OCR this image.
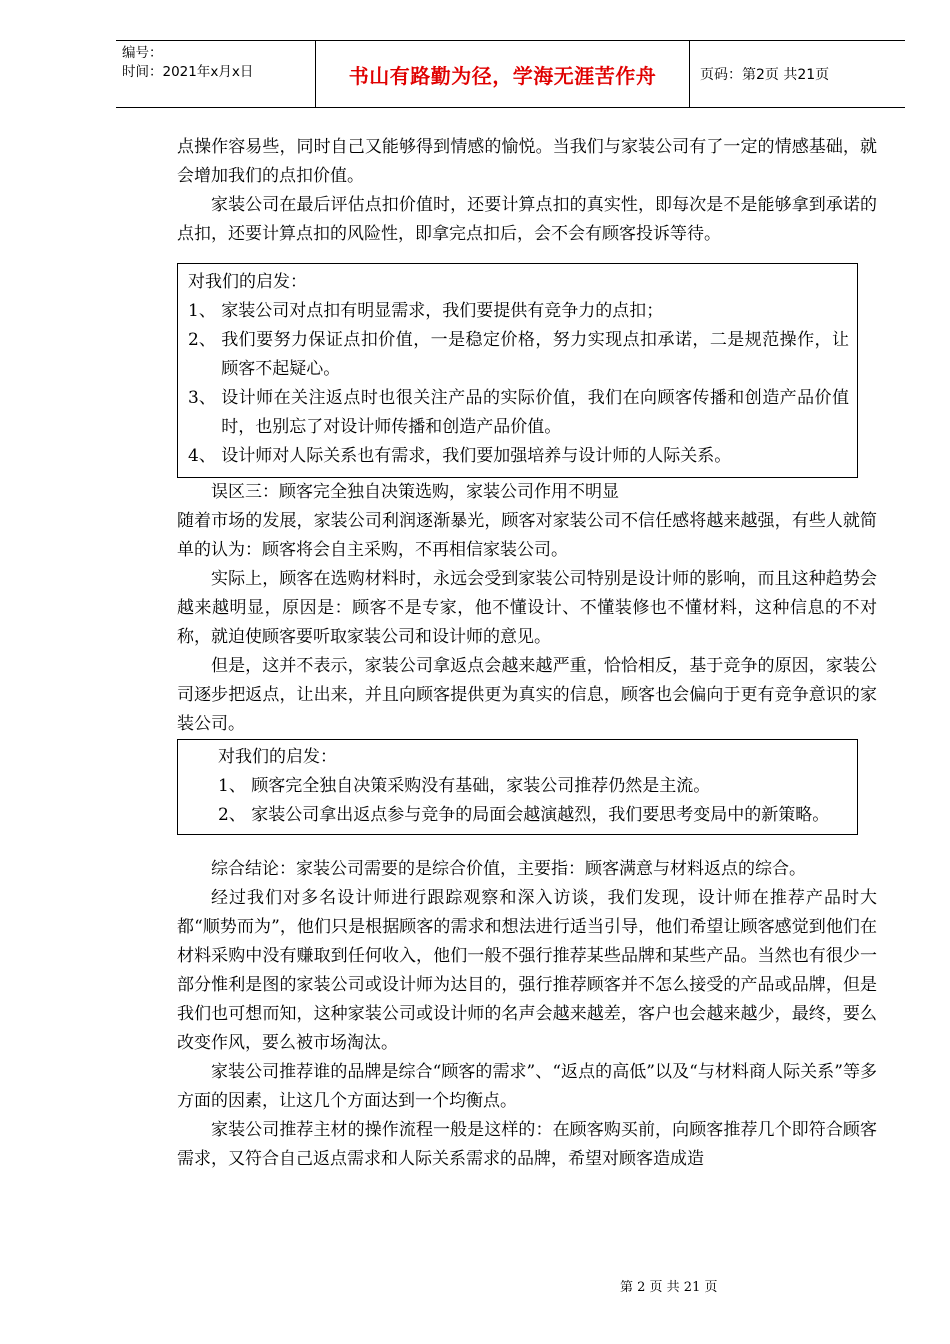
编号：
时间：2021年x月x日	书山有路勤为径，学海无涯苦作舟	页码：第2页 共21页

点操作容易些，同时自己又能够得到情感的愉悦。当我们与家装公司有了一定的情感基础，就会增加我们的点扣价值。

家装公司在最后评估点扣价值时，还要计算点扣的真实性，即每次是不是能够拿到承诺的点扣，还要计算点扣的风险性，即拿完点扣后，会不会有顾客投诉等待。

对我们的启发：
1、 家装公司对点扣有明显需求，我们要提供有竞争力的点扣；
2、 我们要努力保证点扣价值，一是稳定价格，努力实现点扣承诺，二是规范操作，让顾客不起疑心。
3、 设计师在关注返点时也很关注产品的实际价值，我们在向顾客传播和创造产品价值时，也别忘了对设计师传播和创造产品价值。
4、 设计师对人际关系也有需求，我们要加强培养与设计师的人际关系。

误区三：顾客完全独自决策选购，家装公司作用不明显

随着市场的发展，家装公司利润逐渐暴光，顾客对家装公司不信任感将越来越强，有些人就简单的认为：顾客将会自主采购，不再相信家装公司。

实际上，顾客在选购材料时，永远会受到家装公司特别是设计师的影响，而且这种趋势会越来越明显，原因是：顾客不是专家，他不懂设计、不懂装修也不懂材料，这种信息的不对称，就迫使顾客要听取家装公司和设计师的意见。

但是，这并不表示，家装公司拿返点会越来越严重，恰恰相反，基于竞争的原因，家装公司逐步把返点，让出来，并且向顾客提供更为真实的信息，顾客也会偏向于更有竞争意识的家装公司。

对我们的启发：
1、 顾客完全独自决策采购没有基础，家装公司推荐仍然是主流。
2、 家装公司拿出返点参与竞争的局面会越演越烈，我们要思考变局中的新策略。

综合结论：家装公司需要的是综合价值，主要指：顾客满意与材料返点的综合。

经过我们对多名设计师进行跟踪观察和深入访谈，我们发现，设计师在推荐产品时大都“顺势而为”，他们只是根据顾客的需求和想法进行适当引导，他们希望让顾客感觉到他们在材料采购中没有赚取到任何收入，他们一般不强行推荐某些品牌和某些产品。当然也有很少一部分惟利是图的家装公司或设计师为达目的，强行推荐顾客并不怎么接受的产品或品牌，但是我们也可想而知，这种家装公司或设计师的名声会越来越差，客户也会越来越少，最终，要么改变作风，要么被市场淘汰。

家装公司推荐谁的品牌是综合“顾客的需求”、“返点的高低”以及“与材料商人际关系”等多方面的因素，让这几个方面达到一个均衡点。

家装公司推荐主材的操作流程一般是这样的：在顾客购买前，向顾客推荐几个即符合顾客需求，又符合自己返点需求和人际关系需求的品牌，希望对顾客造成造

第 2 页 共 21 页
